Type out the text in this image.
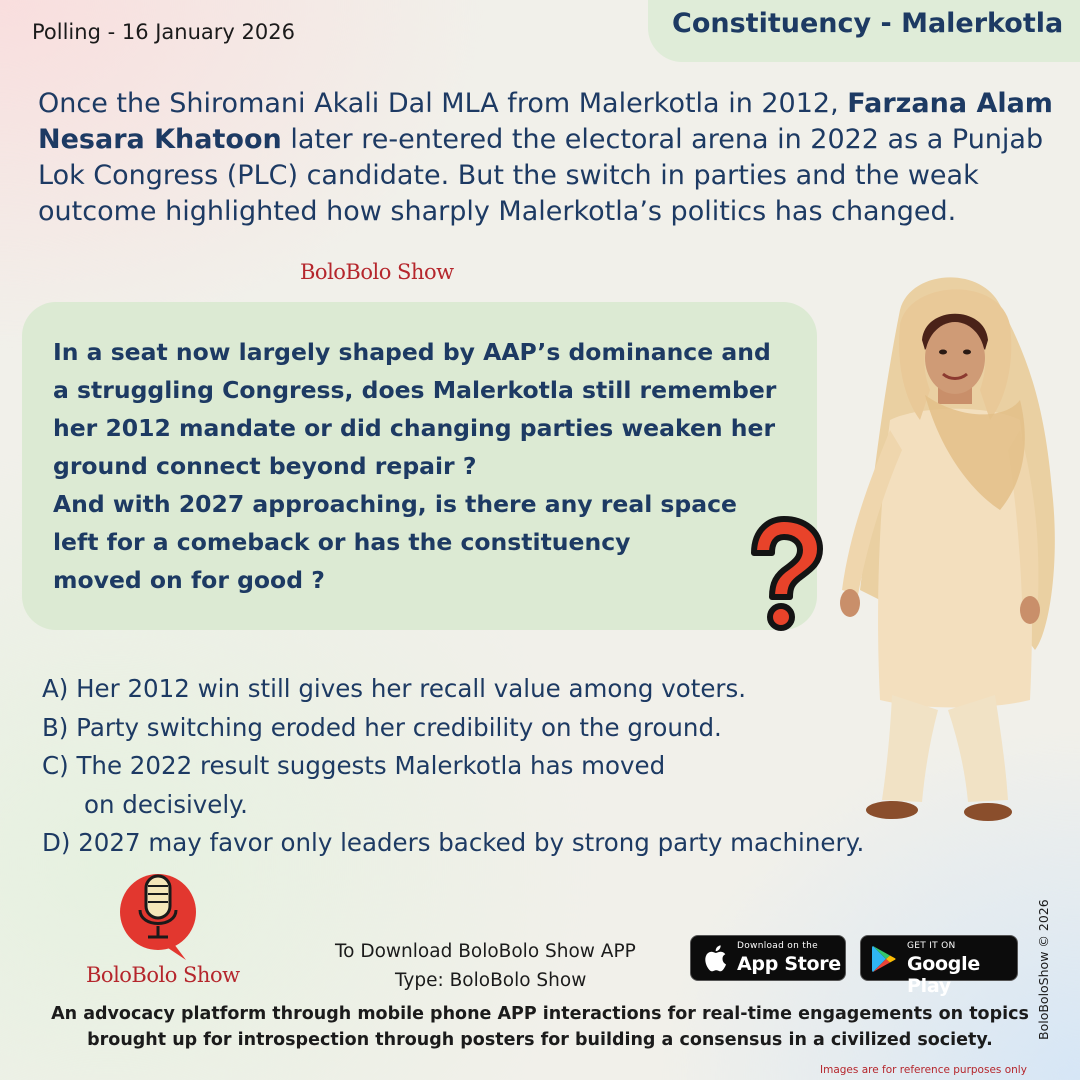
Polling - 16 January 2026	Constituency - Malerkotla
Once the Shiromani Akali Dal MLA from Malerkotla in 2012, Farzana Alam Nesara Khatoon later re-entered the electoral arena in 2022 as a Punjab Lok Congress (PLC) candidate. But the switch in parties and the weak outcome highlighted how sharply Malerkotla’s politics has changed.
BoloBolo Show
In a seat now largely shaped by AAP’s dominance and
a struggling Congress, does Malerkotla still remember
her 2012 mandate or did changing parties weaken her
ground connect beyond repair ?
And with 2027 approaching, is there any real space
left for a comeback or has the constituency
moved on for good ?
A) Her 2012 win still gives her recall value among voters.
B) Party switching eroded her credibility on the ground.
C) The 2022 result suggests Malerkotla has moved
on decisively.
D) 2027 may favor only leaders backed by strong party machinery.
BoloBolo Show
To Download BoloBolo Show APP
Type: BoloBolo Show
Download on the
App Store
GET IT ON
Google Play
An advocacy platform through mobile phone APP interactions for real-time engagements on topics
brought up for introspection through posters for building a consensus in a civilized society.	BoloBoloShow © 2026
Images are for reference purposes only
